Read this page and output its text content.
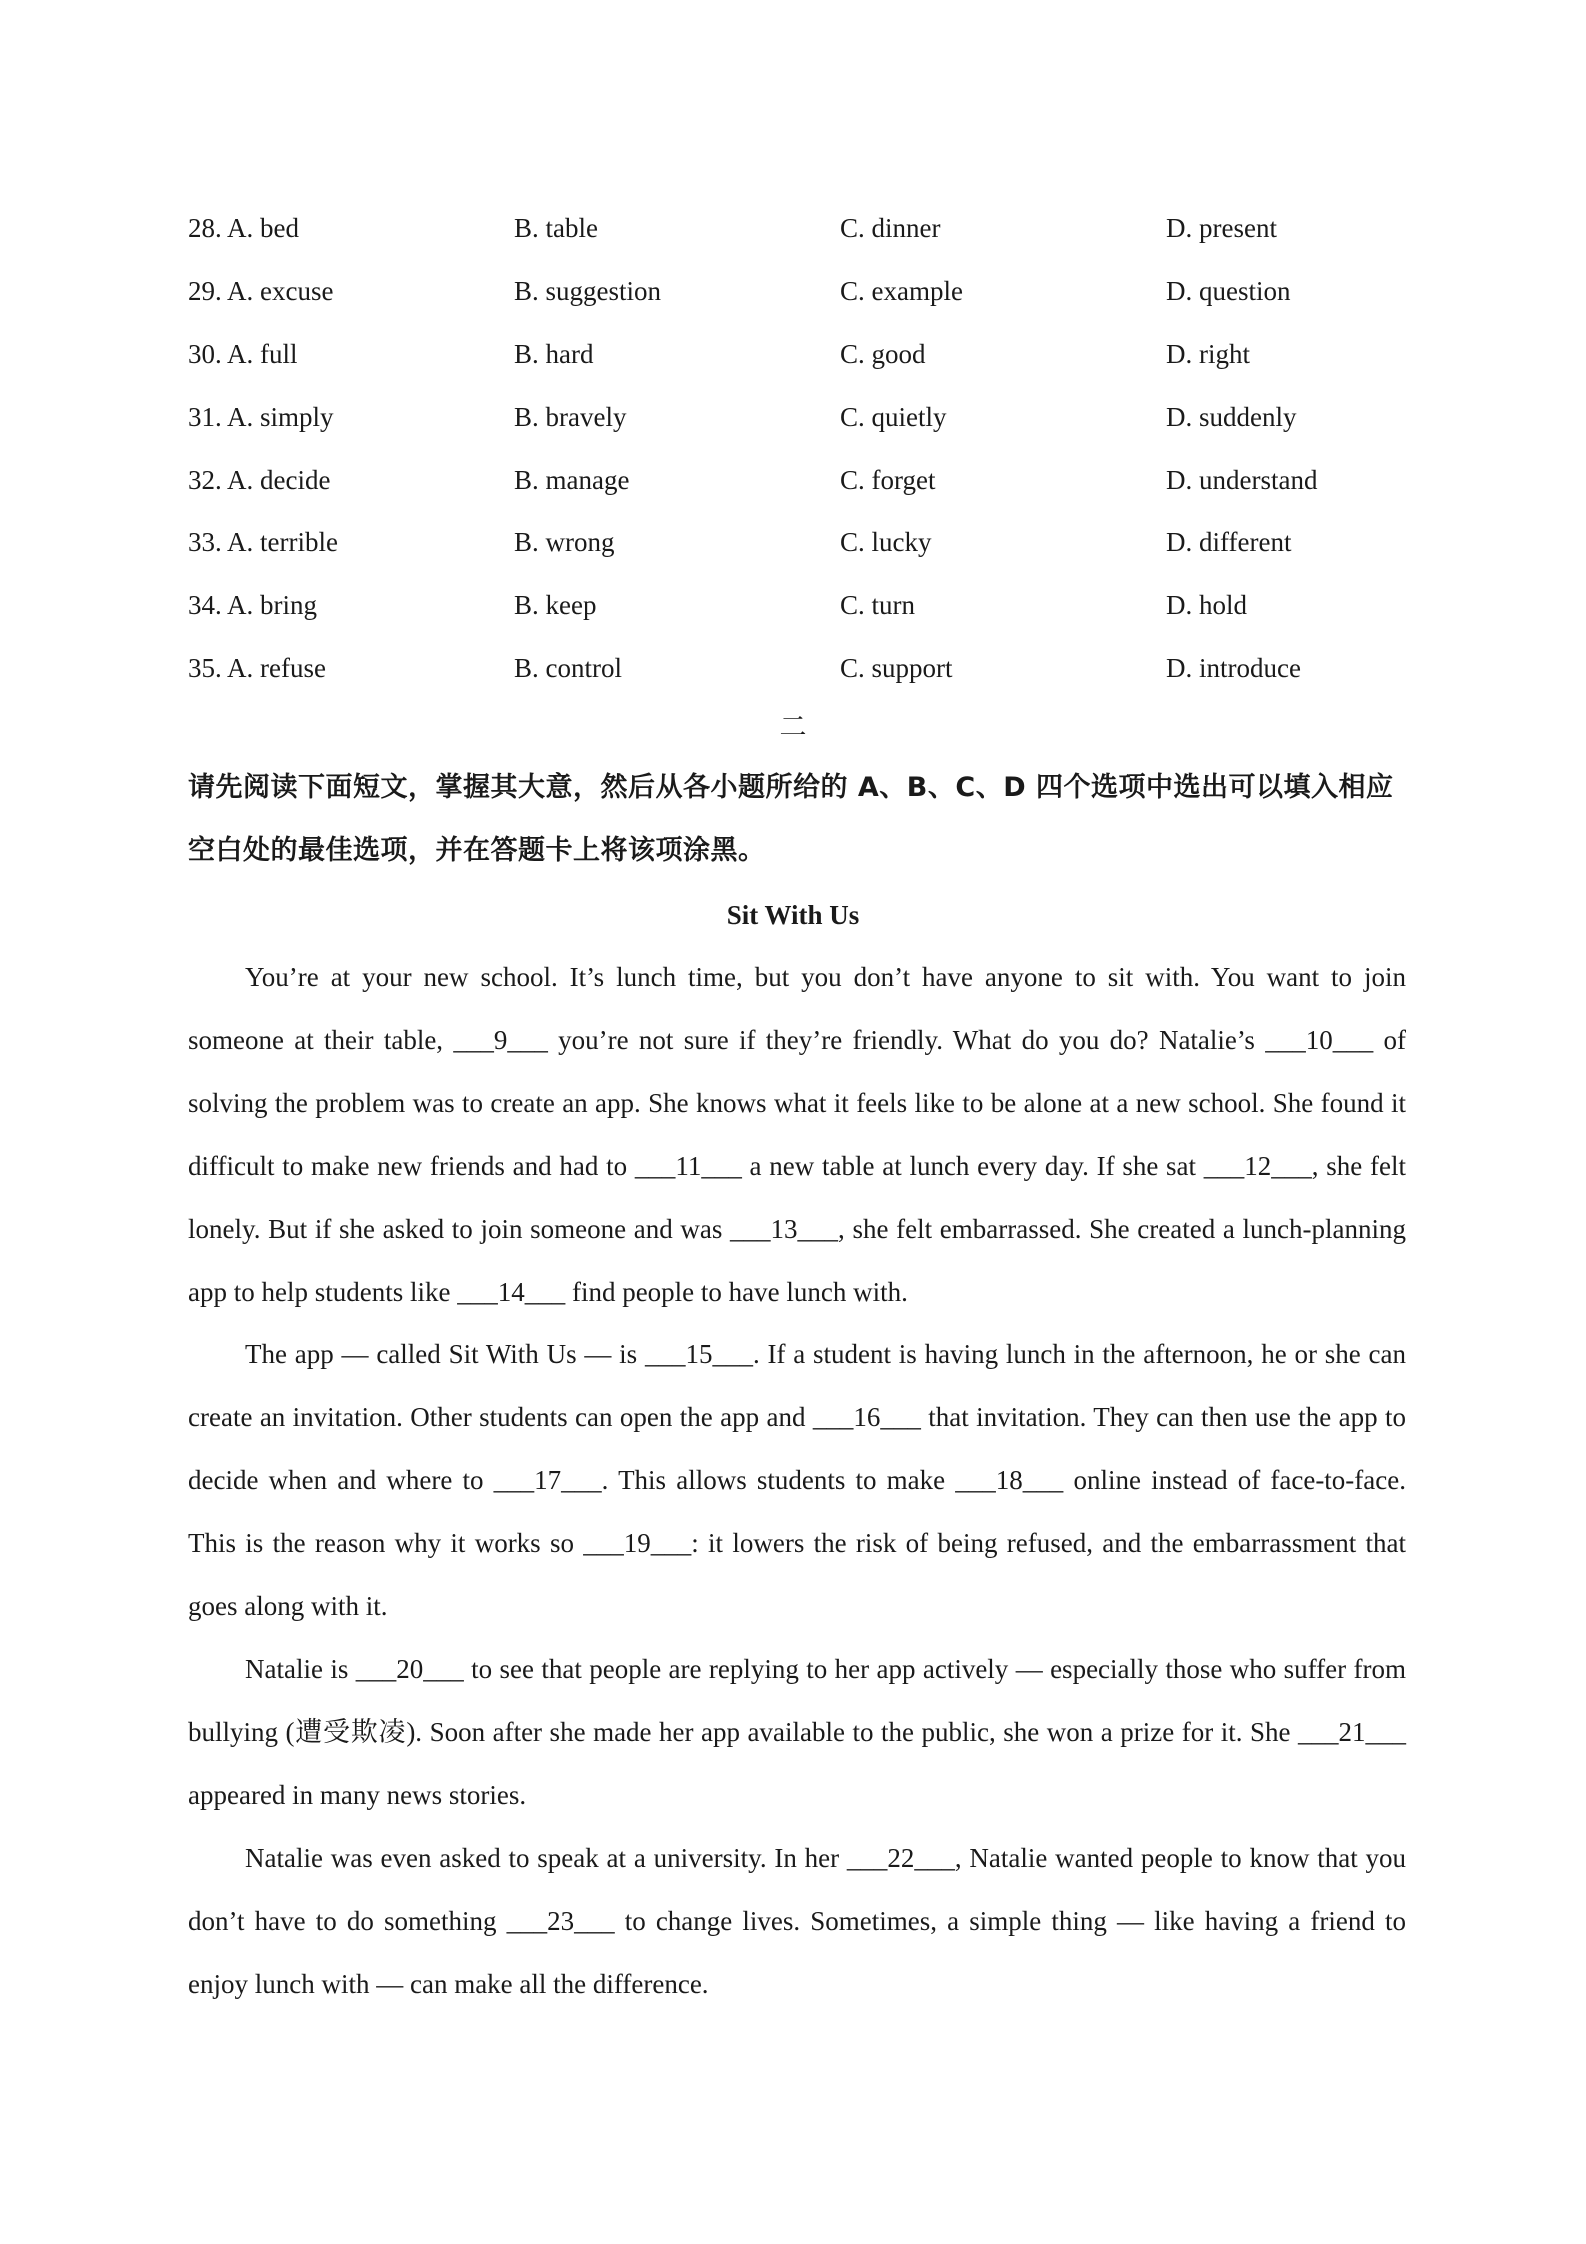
28. A. bed	B. table	C. dinner	D. present
29. A. excuse	B. suggestion	C. example	D. question
30. A. full	B. hard	C. good	D. right
31. A. simply	B. bravely	C. quietly	D. suddenly
32. A. decide	B. manage	C. forget	D. understand
33. A. terrible	B. wrong	C. lucky	D. different
34. A. bring	B. keep	C. turn	D. hold
35. A. refuse	B. control	C. support	D. introduce
二
请先阅读下面短文，掌握其大意，然后从各小题所给的 A、B、C、D 四个选项中选出可以填入相应空白处的最佳选项，并在答题卡上将该项涂黑。
Sit With Us

You’re at your new school. It’s lunch time, but you don’t have anyone to sit with. You want to join someone at their table, ___9___ you’re not sure if they’re friendly. What do you do? Natalie’s ___10___ of solving the problem was to create an app. She knows what it feels like to be alone at a new school. She found it difficult to make new friends and had to ___11___ a new table at lunch every day. If she sat ___12___, she felt lonely. But if she asked to join someone and was ___13___, she felt embarrassed. She created a lunch-planning app to help students like ___14___ find people to have lunch with.

The app — called Sit With Us — is ___15___. If a student is having lunch in the afternoon, he or she can create an invitation. Other students can open the app and ___16___ that invitation. They can then use the app to decide when and where to ___17___. This allows students to make ___18___ online instead of face-to-face. This is the reason why it works so ___19___: it lowers the risk of being refused, and the embarrassment that goes along with it.

Natalie is ___20___ to see that people are replying to her app actively — especially those who suffer from bullying (遭受欺凌). Soon after she made her app available to the public, she won a prize for it. She ___21___ appeared in many news stories.

Natalie was even asked to speak at a university. In her ___22___, Natalie wanted people to know that you don’t have to do something ___23___ to change lives. Sometimes, a simple thing — like having a friend to enjoy lunch with — can make all the difference.
